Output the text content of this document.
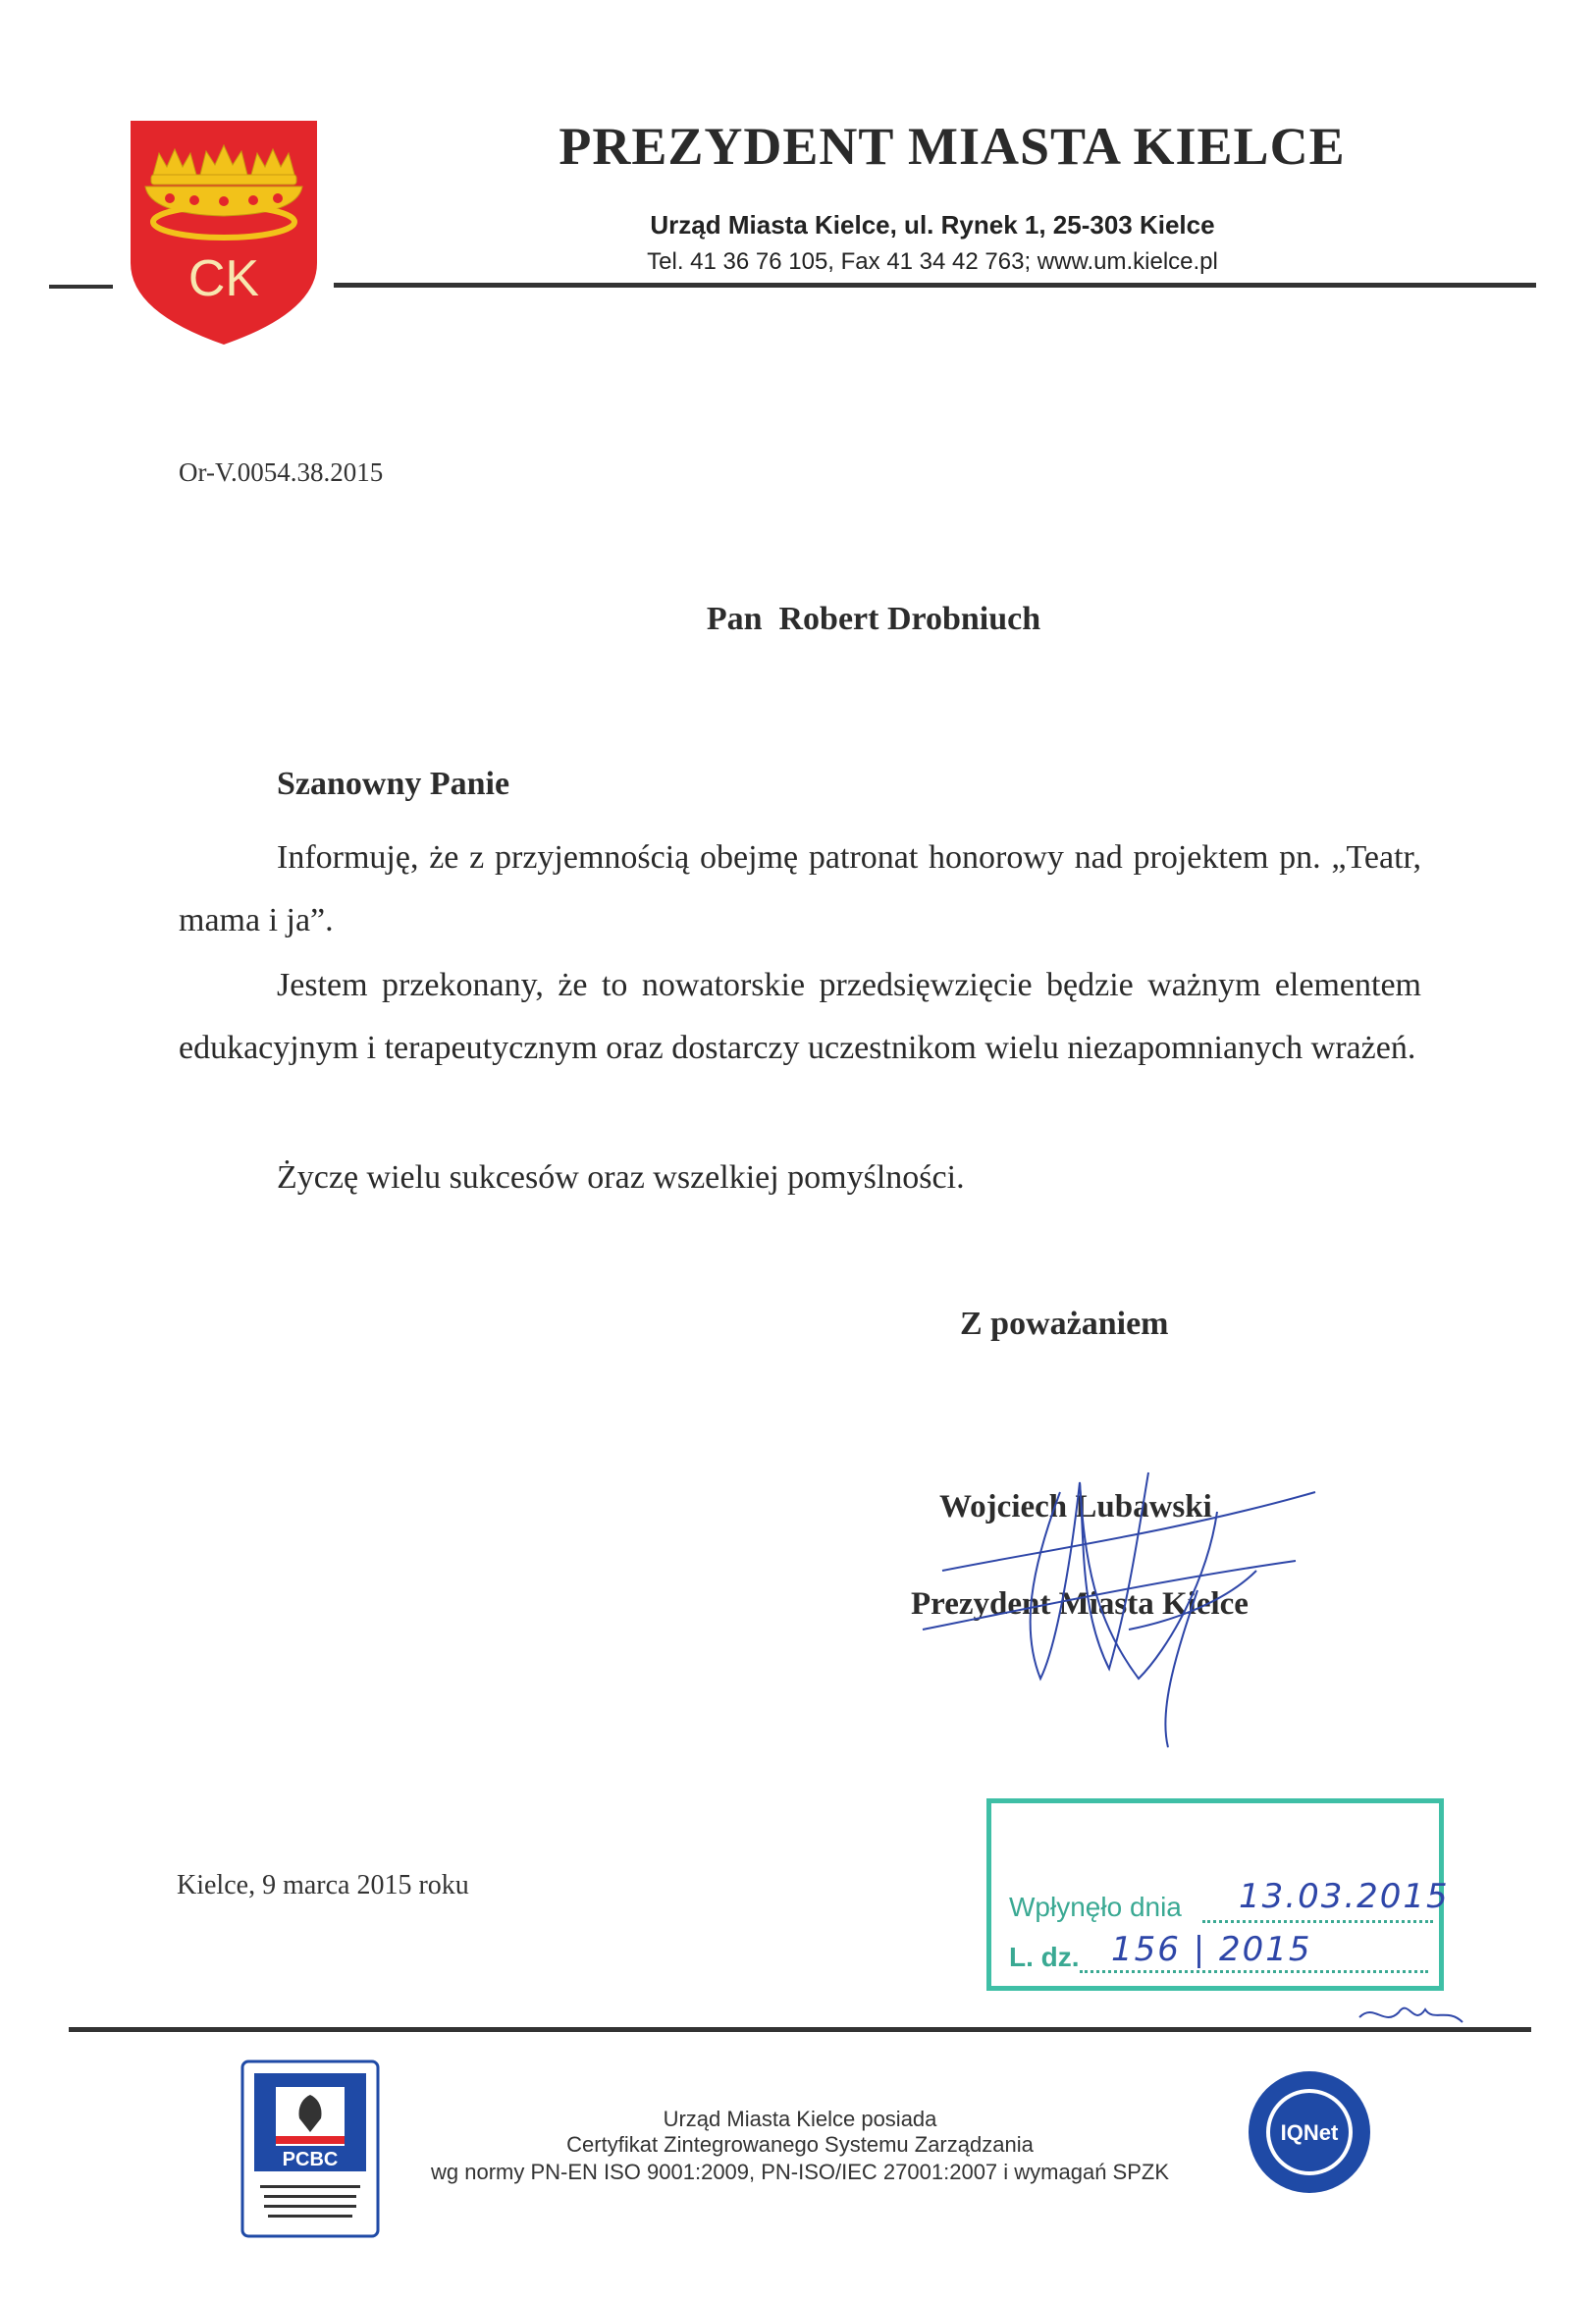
CK
PREZYDENT MIASTA KIELCE
Urząd Miasta Kielce, ul. Rynek 1, 25-303 Kielce
Tel. 41 36 76 105, Fax 41 34 42 763; www.um.kielce.pl
Or-V.0054.38.2015
Pan  Robert Drobniuch
Szanowny Panie
Informuję, że z przyjemnością obejmę patronat honorowy nad projektem pn. „Teatr, mama i ja”.
Jestem przekonany, że to nowatorskie przedsięwzięcie będzie ważnym elementem edukacyjnym i terapeutycznym oraz dostarczy uczestnikom wielu niezapomnianych wrażeń.
Życzę wielu sukcesów oraz wszelkiej pomyślności.
Z poważaniem
Wojciech Lubawski
Prezydent Miasta Kielce
Kielce, 9 marca 2015 roku
Wpłynęło dnia 13.03.2015
L. dz. 156 | 2015
PCBC
Urząd Miasta Kielce posiada
Certyfikat Zintegrowanego Systemu Zarządzania
wg normy PN-EN ISO 9001:2009, PN-ISO/IEC 27001:2007 i wymagań SPZK
IQNet
